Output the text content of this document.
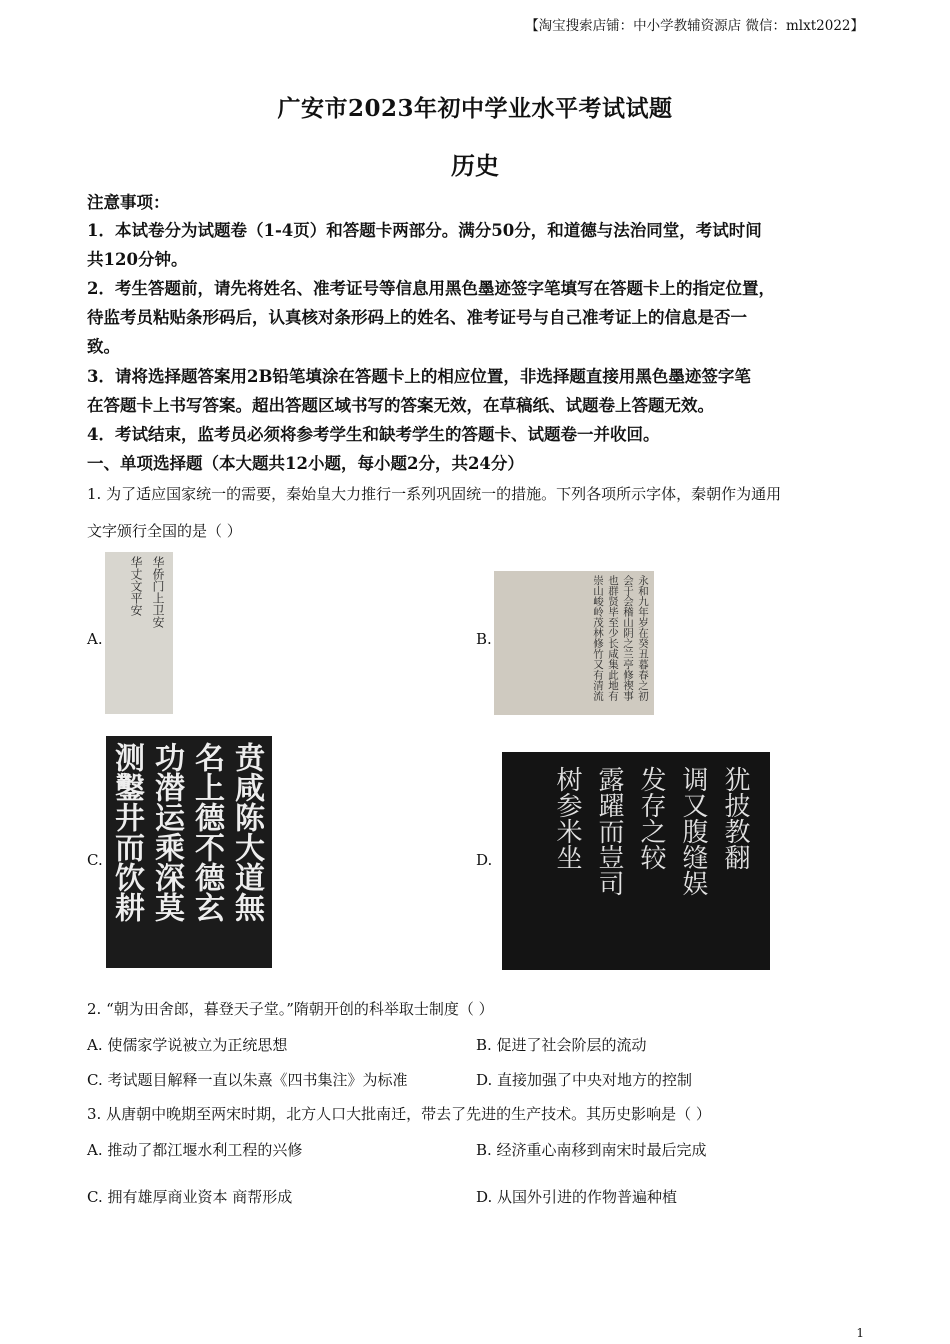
【淘宝搜索店铺：中小学教辅资源店 微信：mlxt2022】
广安市2023年初中学业水平考试试题
历史
注意事项：
1．本试卷分为试题卷（1-4页）和答题卡两部分。满分50分，和道德与法治同堂，考试时间
共120分钟。
2．考生答题前，请先将姓名、准考证号等信息用黑色墨迹签字笔填写在答题卡上的指定位置，
待监考员粘贴条形码后，认真核对条形码上的姓名、准考证号与自己准考证上的信息是否一
致。
3．请将选择题答案用2B铅笔填涂在答题卡上的相应位置，非选择题直接用黑色墨迹签字笔
在答题卡上书写答案。超出答题区域书写的答案无效，在草稿纸、试题卷上答题无效。
4．考试结束，监考员必须将参考学生和缺考学生的答题卡、试题卷一并收回。
一、单项选择题（本大题共12小题，每小题2分，共24分）
1. 为了适应国家统一的需要，秦始皇大力推行一系列巩固统一的措施。下列各项所示字体，秦朝作为通用
文字颁行全国的是（ ）
A.
华侨门上卫安
华丈文平安
B.	永和九年岁在癸丑暮春之初
会于会稽山阴之兰亭修禊事
也群贤毕至少长咸集此地有
崇山峻岭茂林修竹又有清流
C.	贲咸陈大道無
名上德不德玄
功潜运乘深莫
测鑿井而饮耕	D.	犹披教翻
调又腹缝娱
发存之较
露躍而豈司
树参米坐
2. “朝为田舍郎，暮登天子堂。”隋朝开创的科举取士制度（ ）
A. 使儒家学说被立为正统思想	B. 促进了社会阶层的流动
C. 考试题目解释一直以朱熹《四书集注》为标准	D. 直接加强了中央对地方的控制
3. 从唐朝中晚期至两宋时期，北方人口大批南迁，带去了先进的生产技术。其历史影响是（ ）
A. 推动了都江堰水利工程的兴修	B. 经济重心南移到南宋时最后完成
C. 拥有雄厚商业资本 商帮形成	D. 从国外引进的作物普遍种植
1
